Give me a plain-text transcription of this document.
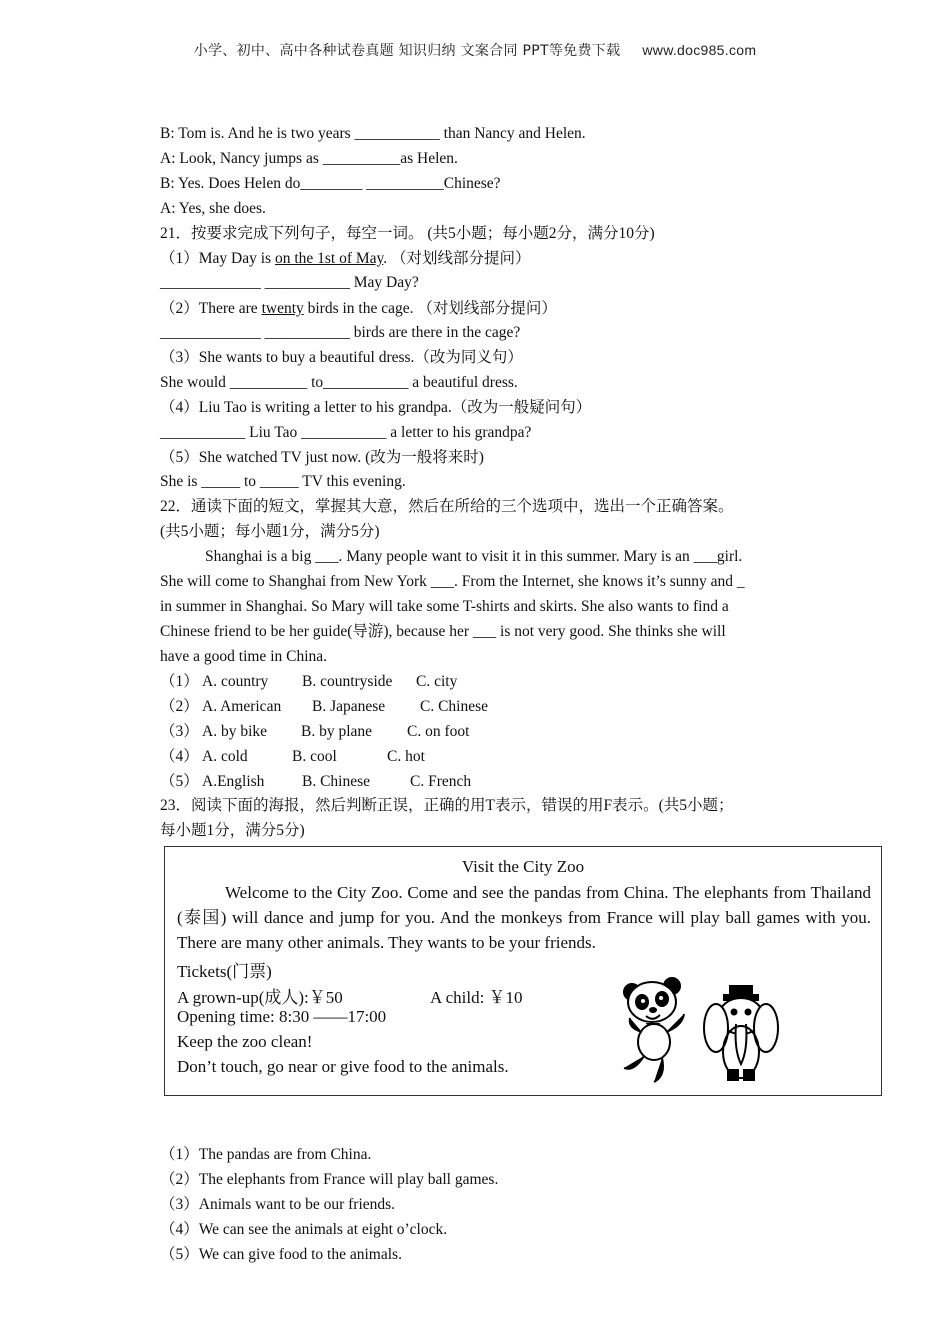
小学、初中、高中各种试卷真题 知识归纳 文案合同 PPT等免费下载 www.doc985.com
B: Tom is. And he is two years ___________ than Nancy and Helen.
A: Look, Nancy jumps as __________as Helen.
B: Yes. Does Helen do________ __________Chinese?
A: Yes, she does.
21．按要求完成下列句子，每空一词。 (共5小题；每小题2分，满分10分)
（1）May Day is on the 1st of May. （对划线部分提问）
_____________ ___________ May Day?
（2）There are twenty birds in the cage. （对划线部分提问）
_____________ ___________ birds are there in the cage?
（3）She wants to buy a beautiful dress.（改为同义句）
She would __________ to___________ a beautiful dress.
（4）Liu Tao is writing a letter to his grandpa.（改为一般疑问句）
___________ Liu Tao ___________ a letter to his grandpa?
（5）She watched TV just now. (改为一般将来时)
She is _____ to _____ TV this evening.
22．通读下面的短文，掌握其大意，然后在所给的三个选项中，选出一个正确答案。
(共5小题；每小题1分，满分5分)
Shanghai is a big ___. Many people want to visit it in this summer. Mary is an ___girl.
She will come to Shanghai from New York ___. From the Internet, she knows it’s sunny and _
in summer in Shanghai. So Mary will take some T-shirts and skirts. She also wants to find a
Chinese friend to be her guide(导游), because her ___ is not very good. She thinks she will
have a good time in China.
（1） A. country B. countryside C. city
（2） A. American B. Japanese C. Chinese
（3） A. by bike B. by plane C. on foot
（4） A. cold	B. cool	C. hot
（5） A.English B. Chinese	C. French
23．阅读下面的海报，然后判断正误，正确的用T表示，错误的用F表示。(共5小题；
每小题1分，满分5分)
Visit the City Zoo
Welcome to the City Zoo. Come and see the pandas from China. The elephants from Thailand (泰国) will dance and jump for you. And the monkeys from France will play ball games with you. There are many other animals. They wants to be your friends.
Tickets(门票)
A grown-up(成人):￥50	A child: ￥10
Opening time: 8:30 ——17:00
Keep the zoo clean!
Don’t touch, go near or give food to the animals.
（1）The pandas are from China.
（2）The elephants from France will play ball games.
（3）Animals want to be our friends.
（4）We can see the animals at eight o’clock.
（5）We can give food to the animals.
